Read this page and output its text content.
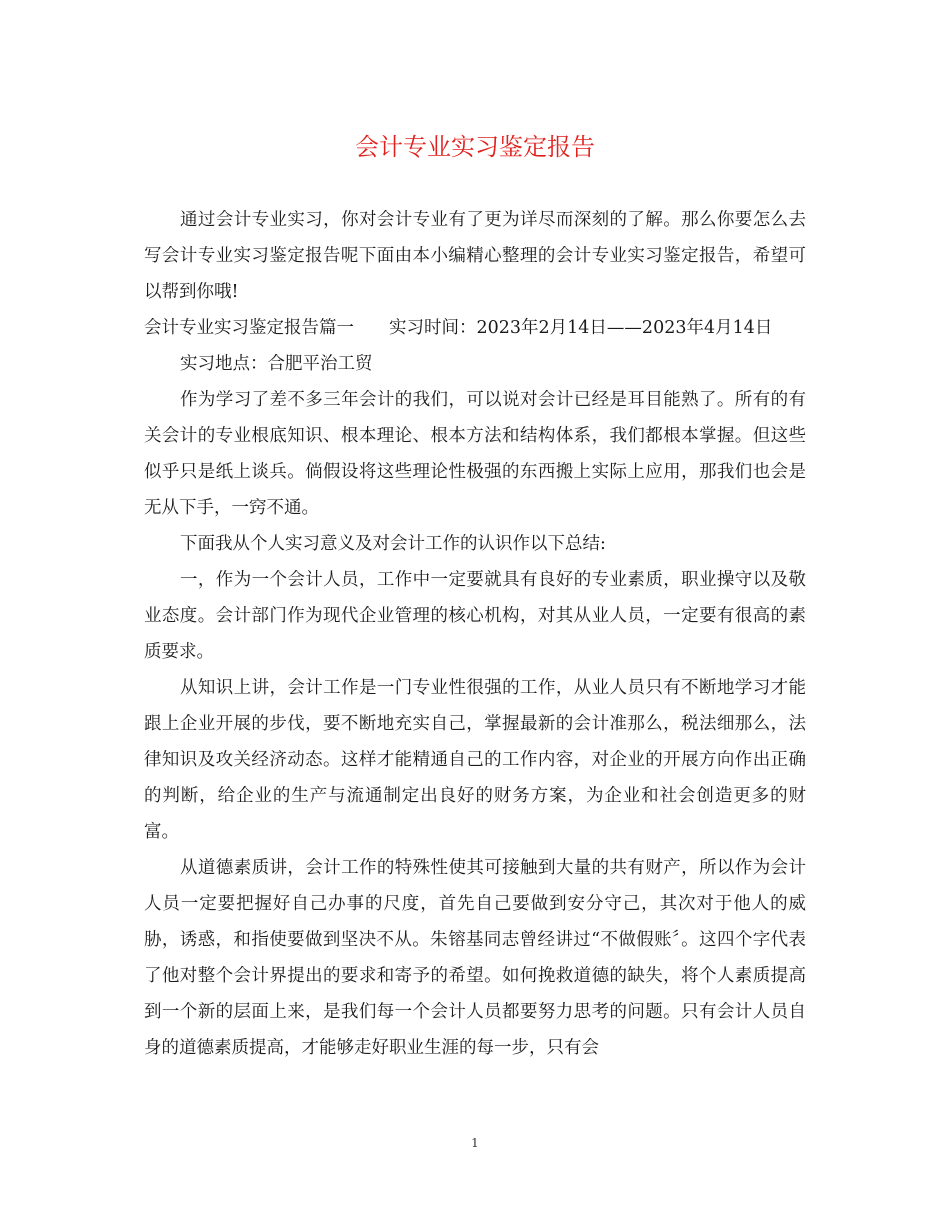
会计专业实习鉴定报告

通过会计专业实习，你对会计专业有了更为详尽而深刻的了解。那么你要怎么去写会计专业实习鉴定报告呢下面由本小编精心整理的会计专业实习鉴定报告，希望可以帮到你哦!

会计专业实习鉴定报告篇一　　实习时间：2023年2月14日——2023年4月14日

实习地点：合肥平治工贸

作为学习了差不多三年会计的我们，可以说对会计已经是耳目能熟了。所有的有关会计的专业根底知识、根本理论、根本方法和结构体系，我们都根本掌握。但这些似乎只是纸上谈兵。倘假设将这些理论性极强的东西搬上实际上应用，那我们也会是无从下手，一窍不通。

下面我从个人实习意义及对会计工作的认识作以下总结:

一，作为一个会计人员，工作中一定要就具有良好的专业素质，职业操守以及敬业态度。会计部门作为现代企业管理的核心机构，对其从业人员，一定要有很高的素质要求。

从知识上讲，会计工作是一门专业性很强的工作，从业人员只有不断地学习才能跟上企业开展的步伐，要不断地充实自己，掌握最新的会计准那么，税法细那么，法律知识及攻关经济动态。这样才能精通自己的工作内容，对企业的开展方向作出正确的判断，给企业的生产与流通制定出良好的财务方案，为企业和社会创造更多的财富。

从道德素质讲，会计工作的特殊性使其可接触到大量的共有财产，所以作为会计人员一定要把握好自己办事的尺度，首先自己要做到安分守己，其次对于他人的威胁，诱惑，和指使要做到坚决不从。朱镕基同志曾经讲过“不做假账〞。这四个字代表了他对整个会计界提出的要求和寄予的希望。如何挽救道德的缺失，将个人素质提高到一个新的层面上来，是我们每一个会计人员都要努力思考的问题。只有会计人员自身的道德素质提高，才能够走好职业生涯的每一步，只有会

1
